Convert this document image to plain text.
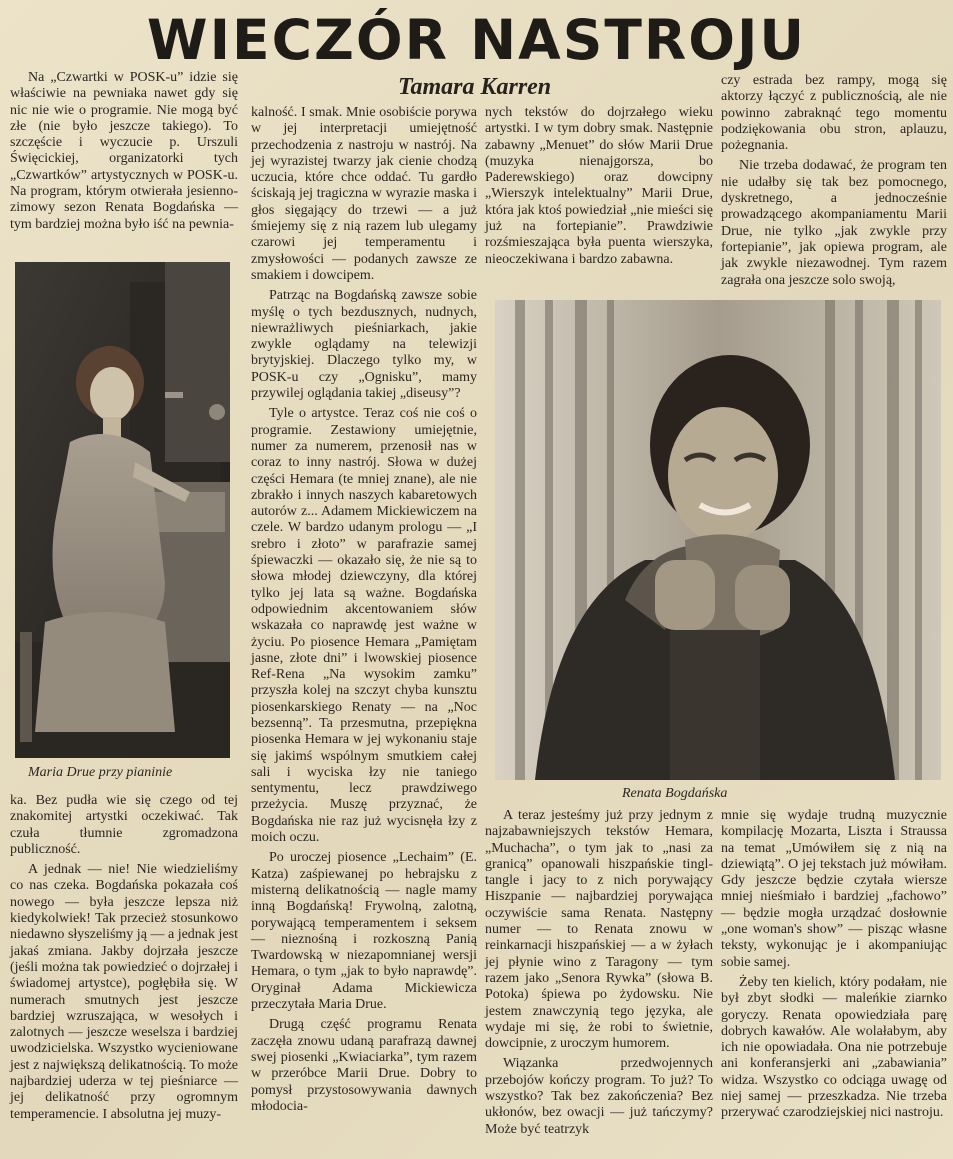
WIECZÓR NASTROJU
Tamara Karren

Na „Czwartki w POSK-u” idzie się właściwie na pewniaka nawet gdy się nic nie wie o programie. Nie mogą być złe (nie było jeszcze takiego). To szczęście i wyczucie p. Urszuli Święcickiej, organizatorki tych „Czwartków” artystycznych w POSK-u. Na program, którym otwierała jesienno-zimowy sezon Renata Bogdańska — tym bardziej można było iść na pewnia-

Maria Drue przy pianinie

ka. Bez pudła wie się czego od tej znakomitej artystki oczekiwać. Tak czuła tłumnie zgromadzona publiczność.

A jednak — nie! Nie wiedzieliśmy co nas czeka. Bogdańska pokazała coś nowego — była jeszcze lepsza niż kiedykolwiek! Tak przecież stosunkowo niedawno słyszeliśmy ją — a jednak jest jakaś zmiana. Jakby dojrzała jeszcze (jeśli można tak powiedzieć o dojrzałej i świadomej artystce), pogłębiła się. W numerach smutnych jest jeszcze bardziej wzruszająca, w wesołych i zalotnych — jeszcze weselsza i bardziej uwodzicielska. Wszystko wycieniowane jest z największą delikatnością. To może najbardziej uderza w tej pieśniarce — jej delikatność przy ogromnym temperamencie. I absolutna jej muzy-

kalność. I smak. Mnie osobiście porywa w jej interpretacji umiejętność przechodzenia z nastroju w nastrój. Na jej wyrazistej twarzy jak cienie chodzą uczucia, które chce oddać. Tu gardło ściskają jej tragiczna w wyrazie maska i głos sięgający do trzewi — a już śmiejemy się z nią razem lub ulegamy czarowi jej temperamentu i zmysłowości — podanych zawsze ze smakiem i dowcipem.

Patrząc na Bogdańską zawsze sobie myślę o tych bezdusznych, nudnych, niewrażliwych pieśniarkach, jakie zwykle oglądamy na telewizji brytyjskiej. Dlaczego tylko my, w POSK-u czy „Ognisku”, mamy przywilej oglądania takiej „diseusy”?

Tyle o artystce. Teraz coś nie coś o programie. Zestawiony umiejętnie, numer za numerem, przenosił nas w coraz to inny nastrój. Słowa w dużej części Hemara (te mniej znane), ale nie zbrakło i innych naszych kabaretowych autorów z... Adamem Mickiewiczem na czele. W bardzo udanym prologu — „I srebro i złoto” w parafrazie samej śpiewaczki — okazało się, że nie są to słowa młodej dziewczyny, dla której tylko jej lata są ważne. Bogdańska odpowiednim akcentowaniem słów wskazała co naprawdę jest ważne w życiu. Po piosence Hemara „Pamiętam jasne, złote dni” i lwowskiej piosence Ref-Rena „Na wysokim zamku” przyszła kolej na szczyt chyba kunsztu piosenkarskiego Renaty — na „Noc bezsenną”. Ta przesmutna, przepiękna piosenka Hemara w jej wykonaniu staje się jakimś wspólnym smutkiem całej sali i wyciska łzy nie taniego sentymentu, lecz prawdziwego przeżycia. Muszę przyznać, że Bogdańska nie raz już wycisnęła łzy z moich oczu.

Po uroczej piosence „Lechaim” (E. Katza) zaśpiewanej po hebrajsku z misterną delikatnością — nagle mamy inną Bogdańską! Frywolną, zalotną, porywającą temperamentem i seksem — nieznośną i rozkoszną Panią Twardowską w niezapomnianej wersji Hemara, o tym „jak to było naprawdę”. Oryginał Adama Mickiewicza przeczytała Maria Drue.

Drugą część programu Renata zaczęła znowu udaną parafrazą dawnej swej piosenki „Kwiaciarka”, tym razem w przeróbce Marii Drue. Dobry to pomysł przystosowywania dawnych młodocia-

nych tekstów do dojrzałego wieku artystki. I w tym dobry smak. Następnie zabawny „Menuet” do słów Marii Drue (muzyka nienajgorsza, bo Paderewskiego) oraz dowcipny „Wierszyk intelektualny” Marii Drue, która jak ktoś powiedział „nie mieści się już na fortepianie”. Prawdziwie rozśmieszająca była puenta wierszyka, nieoczekiwana i bardzo zabawna.

czy estrada bez rampy, mogą się aktorzy łączyć z publicznością, ale nie powinno zabraknąć tego momentu podziękowania obu stron, aplauzu, pożegnania.

Nie trzeba dodawać, że program ten nie udałby się tak bez pomocnego, dyskretnego, a jednocześnie prowadzącego akompaniamentu Marii Drue, nie tylko „jak zwykle przy fortepianie”, jak opiewa program, ale jak zwykle niezawodnej. Tym razem zagrała ona jeszcze solo swoją,

Renata Bogdańska

A teraz jesteśmy już przy jednym z najzabawniejszych tekstów Hemara, „Muchacha”, o tym jak to „nasi za granicą” opanowali hiszpańskie tingl-tangle i jacy to z nich porywający Hiszpanie — najbardziej porywająca oczywiście sama Renata. Następny numer — to Renata znowu w reinkarnacji hiszpańskiej — a w żyłach jej płynie wino z Taragony — tym razem jako „Senora Rywka” (słowa B. Potoka) śpiewa po żydowsku. Nie jestem znawczynią tego języka, ale wydaje mi się, że robi to świetnie, dowcipnie, z uroczym humorem.

Wiązanka przedwojennych przebojów kończy program. To już? To wszystko? Tak bez zakończenia? Bez ukłonów, bez owacji — już tańczymy? Może być teatrzyk

mnie się wydaje trudną muzycznie kompilację Mozarta, Liszta i Straussa na temat „Umówiłem się z nią na dziewiątą”. O jej tekstach już mówiłam. Gdy jeszcze będzie czytała wiersze mniej nieśmiało i bardziej „fachowo” — będzie mogła urządzać dosłownie „one woman's show” — pisząc własne teksty, wykonując je i akompaniując sobie samej.

Żeby ten kielich, który podałam, nie był zbyt słodki — maleńkie ziarnko goryczy. Renata opowiedziała parę dobrych kawałów. Ale wolałabym, aby ich nie opowiadała. Ona nie potrzebuje ani konferansjerki ani „zabawiania” widza. Wszystko co odciąga uwagę od niej samej — przeszkadza. Nie trzeba przerywać czarodziejskiej nici nastroju.
